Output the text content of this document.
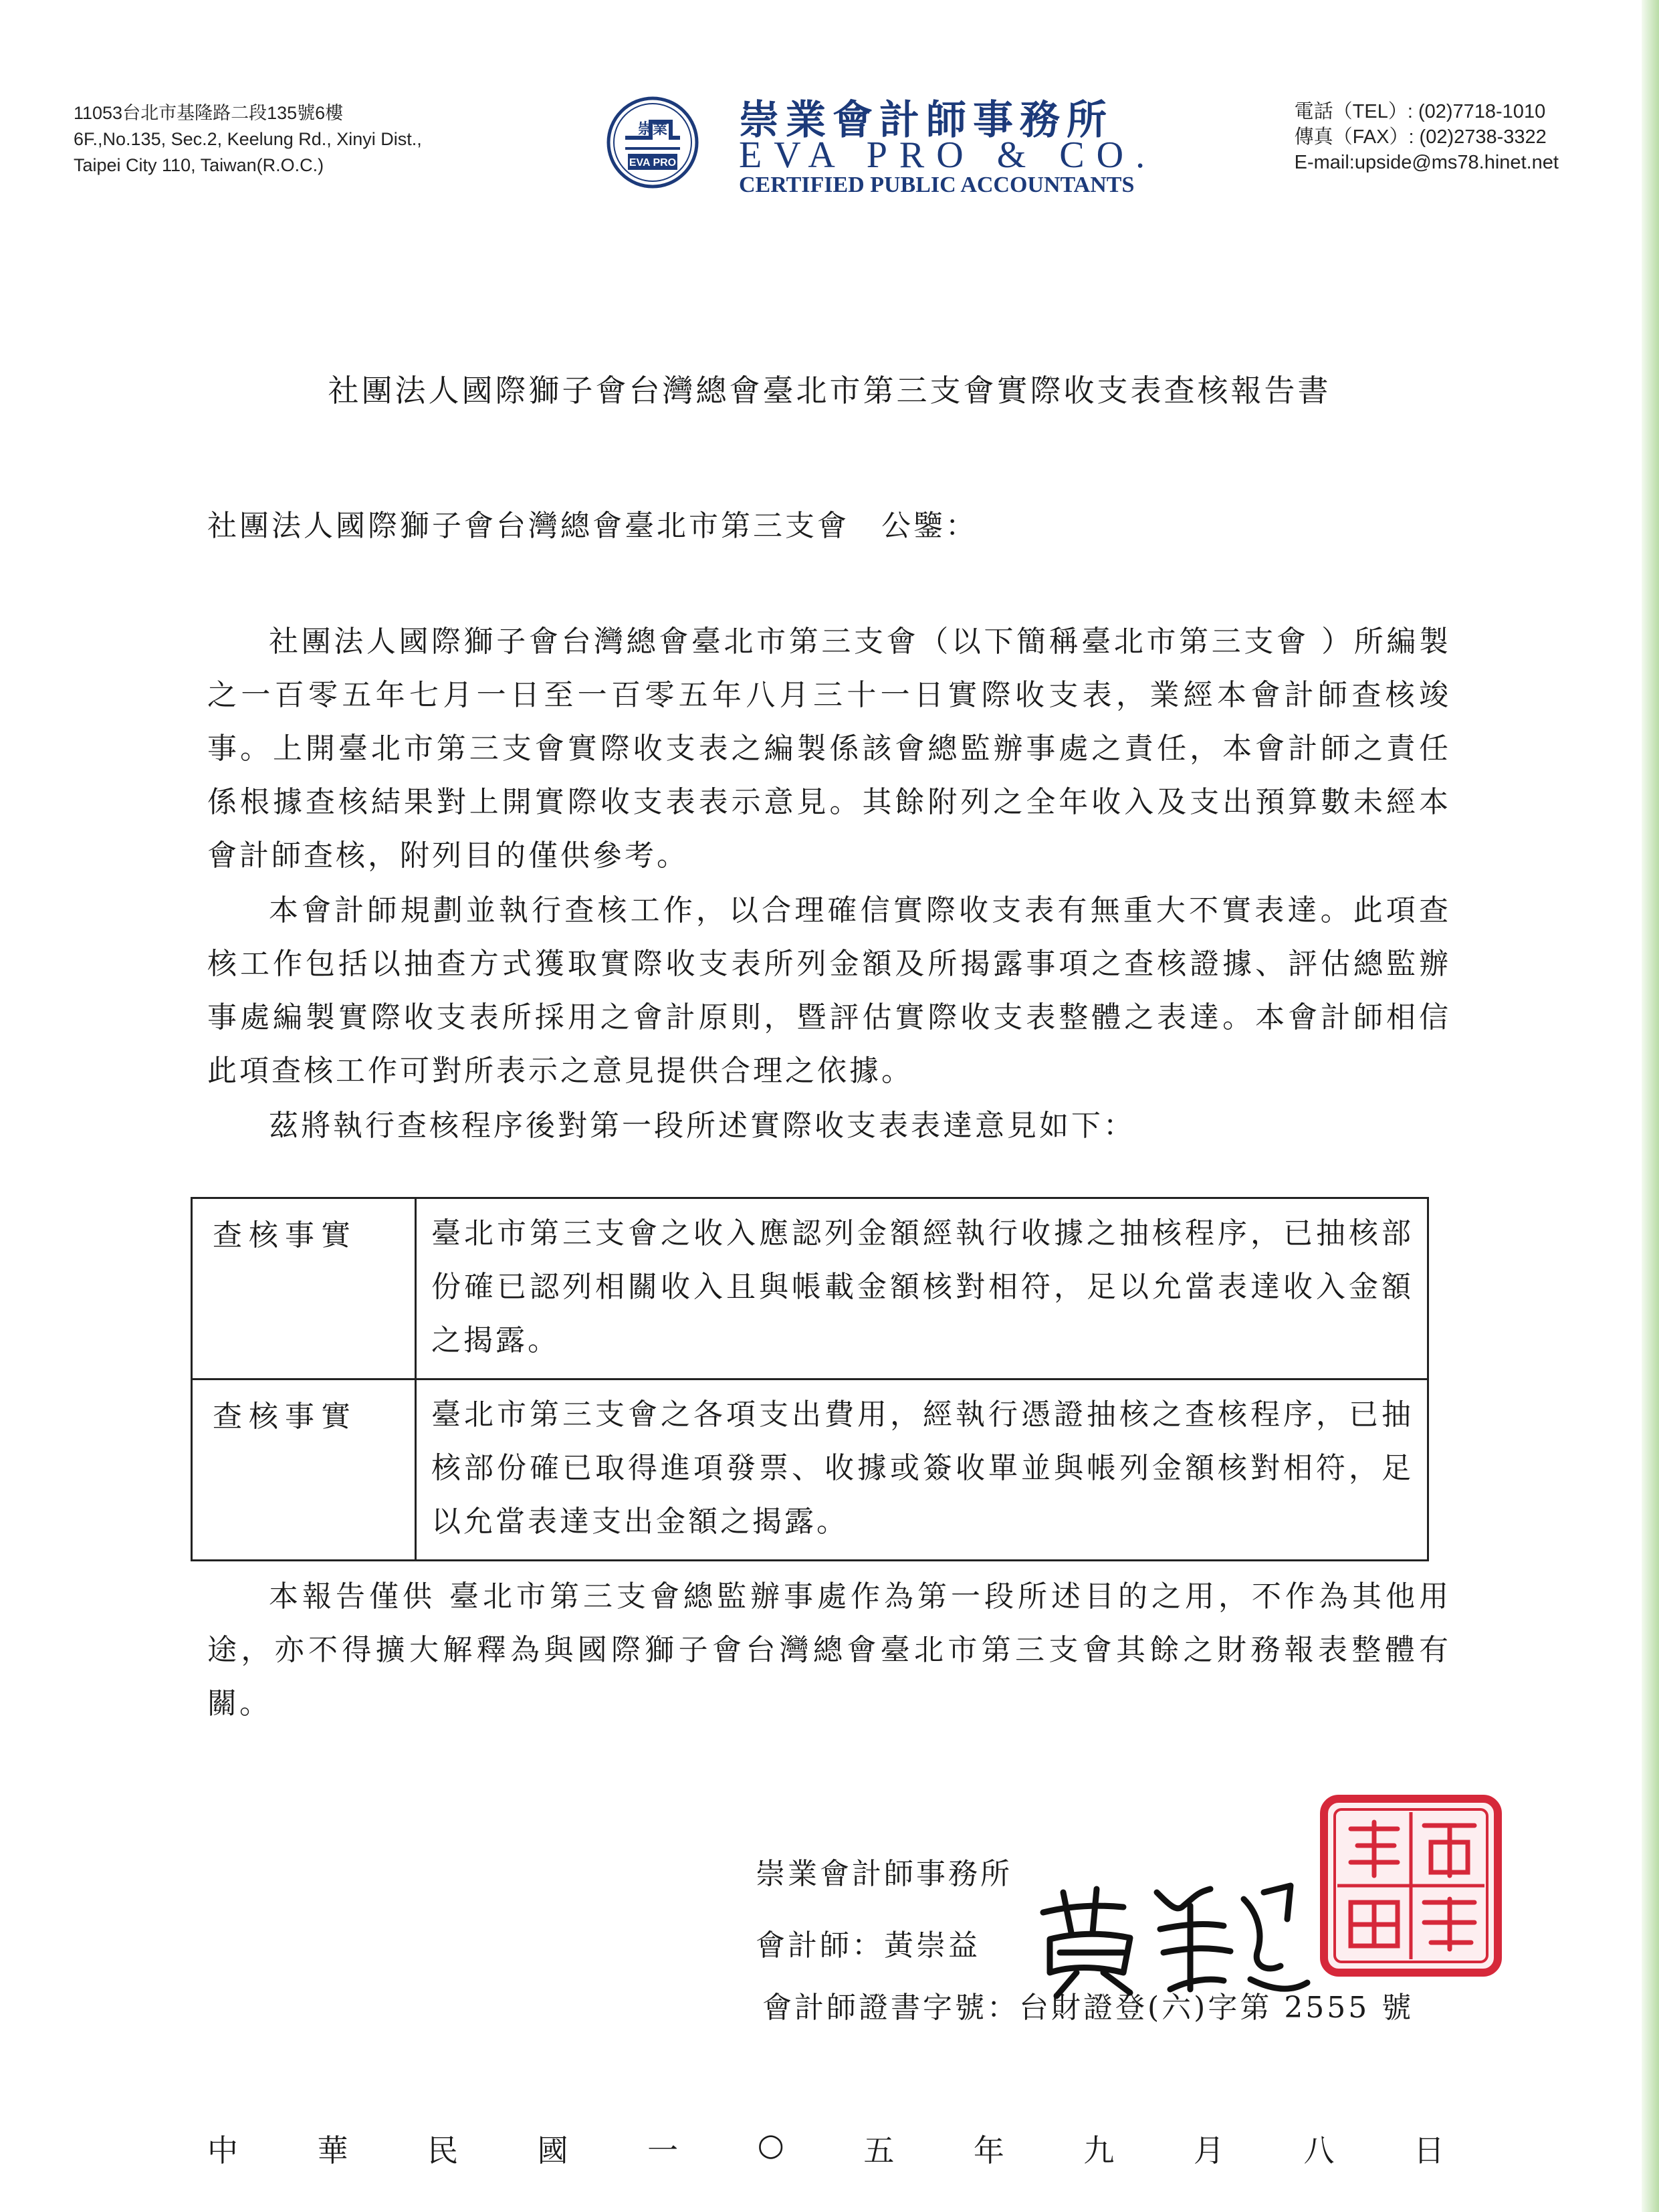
11053台北市基隆路二段135號6樓
6F.,No.135, Sec.2, Keelung Rd., Xinyi Dist.,
Taipei City 110, Taiwan(R.O.C.)
崇業
EVA PRO
崇業會計師事務所
EVA PRO & CO.
CERTIFIED PUBLIC ACCOUNTANTS
電話（TEL）: (02)7718-1010
傳真（FAX）: (02)2738-3322
E-mail:upside@ms78.hinet.net
社團法人國際獅子會台灣總會臺北市第三支會實際收支表查核報告書
社團法人國際獅子會台灣總會臺北市第三支會　公鑒：
社團法人國際獅子會台灣總會臺北市第三支會（以下簡稱臺北市第三支會 ）所編製之一百零五年七月一日至一百零五年八月三十一日實際收支表，業經本會計師查核竣事。上開臺北市第三支會實際收支表之編製係該會總監辦事處之責任，本會計師之責任係根據查核結果對上開實際收支表表示意見。其餘附列之全年收入及支出預算數未經本會計師查核，附列目的僅供參考。
本會計師規劃並執行查核工作，以合理確信實際收支表有無重大不實表達。此項查核工作包括以抽查方式獲取實際收支表所列金額及所揭露事項之查核證據、評估總監辦事處編製實際收支表所採用之會計原則，暨評估實際收支表整體之表達。本會計師相信此項查核工作可對所表示之意見提供合理之依據。
茲將執行查核程序後對第一段所述實際收支表表達意見如下：
查核事實	臺北市第三支會之收入應認列金額經執行收據之抽核程序，已抽核部份確已認列相關收入且與帳載金額核對相符，足以允當表達收入金額之揭露。
查核事實	臺北市第三支會之各項支出費用，經執行憑證抽核之查核程序，已抽核部份確已取得進項發票、收據或簽收單並與帳列金額核對相符，足以允當表達支出金額之揭露。
本報告僅供 臺北市第三支會總監辦事處作為第一段所述目的之用，不作為其他用途，亦不得擴大解釋為與國際獅子會台灣總會臺北市第三支會其餘之財務報表整體有關。
崇業會計師事務所
會計師：黃崇益
會計師證書字號：台財證登(六)字第 2555 號
中	華	民	國	一	○	五	年	九	月	八	日
